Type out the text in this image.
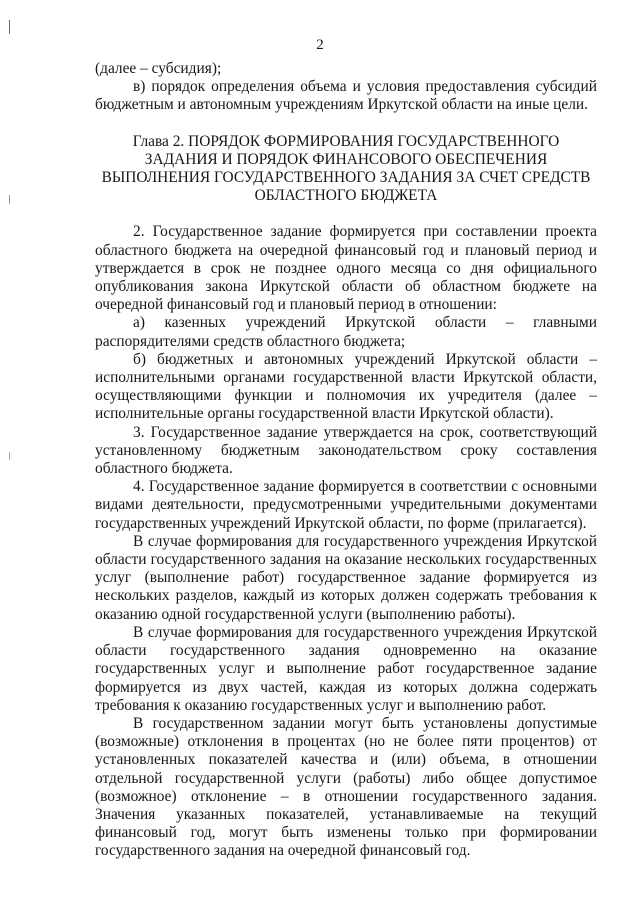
2

(далее – субсидия);

в) порядок определения объема и условия предоставления субсидий бюджетным и автономным учреждениям Иркутской области на иные цели.

Глава 2. ПОРЯДОК ФОРМИРОВАНИЯ ГОСУДАРСТВЕННОГО ЗАДАНИЯ И ПОРЯДОК ФИНАНСОВОГО ОБЕСПЕЧЕНИЯ ВЫПОЛНЕНИЯ ГОСУДАРСТВЕННОГО ЗАДАНИЯ ЗА СЧЕТ СРЕДСТВ ОБЛАСТНОГО БЮДЖЕТА

2. Государственное задание формируется при составлении проекта областного бюджета на очередной финансовый год и плановый период и утверждается в срок не позднее одного месяца со дня официального опубликования закона Иркутской области об областном бюджете на очередной финансовый год и плановый период в отношении:

а) казенных учреждений Иркутской области – главными распорядителями средств областного бюджета;

б) бюджетных и автономных учреждений Иркутской области – исполнительными органами государственной власти Иркутской области, осуществляющими функции и полномочия их учредителя (далее – исполнительные органы государственной власти Иркутской области).

3. Государственное задание утверждается на срок, соответствующий установленному бюджетным законодательством сроку составления областного бюджета.

4. Государственное задание формируется в соответствии с основными видами деятельности, предусмотренными учредительными документами государственных учреждений Иркутской области, по форме (прилагается).

В случае формирования для государственного учреждения Иркутской области государственного задания на оказание нескольких государственных услуг (выполнение работ) государственное задание формируется из нескольких разделов, каждый из которых должен содержать требования к оказанию одной государственной услуги (выполнению работы).

В случае формирования для государственного учреждения Иркутской области государственного задания одновременно на оказание государственных услуг и выполнение работ государственное задание формируется из двух частей, каждая из которых должна содержать требования к оказанию государственных услуг и выполнению работ.

В государственном задании могут быть установлены допустимые (возможные) отклонения в процентах (но не более пяти процентов) от установленных показателей качества и (или) объема, в отношении отдельной государственной услуги (работы) либо общее допустимое (возможное) отклонение – в отношении государственного задания. Значения указанных показателей, устанавливаемые на текущий финансовый год, могут быть изменены только при формировании государственного задания на очередной финансовый год.
